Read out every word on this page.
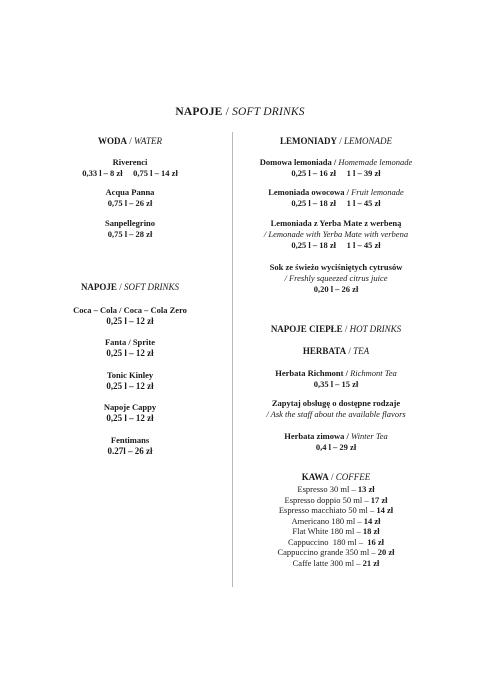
NAPOJE / SOFT DRINKS
WODA / WATER
Riverenci
0,33 l – 8 zł     0,75 l – 14 zł
Acqua Panna
0,75 l – 26 zł
Sanpellegrino
0,75 l – 28 zł
NAPOJE / SOFT DRINKS
Coca – Cola / Coca – Cola Zero
0,25 l – 12 zł
Fanta / Sprite
0,25 l – 12 zł
Tonic Kinley
0,25 l – 12 zł
Napoje Cappy
0,25 l – 12 zł
Fentimans
0.27l – 26 zł
LEMONIADY / LEMONADE
Domowa lemoniada / Homemade lemonade
0,25 l – 16 zł     1 l – 39 zł
Lemoniada owocowa / Fruit lemonade
0,25 l – 18 zł     1 l – 45 zł
Lemoniada z Yerba Mate z werbeną
/ Lemonade with Yerba Mate with verbena
0,25 l – 18 zł     1 l – 45 zł
Sok ze świeżo wyciśniętych cytrusów
/ Freshly squeezed citrus juice
0,20 l – 26 zł
NAPOJE CIEPŁE / HOT DRINKS
HERBATA / TEA
Herbata Richmont / Richmont Tea
0,35 l – 15 zł
Zapytaj obsługę o dostępne rodzaje
/ Ask the staff about the available flavors
Herbata zimowa / Winter Tea
0,4 l – 29 zł
KAWA / COFFEE
Espresso 30 ml – 13 zł
Espresso doppio 50 ml – 17 zł
Espresso macchiato 50 ml – 14 zł
Americano 180 ml – 14 zł
Flat White 180 ml – 18 zł
Cappuccino  180 ml –  16 zł
Cappuccino grande 350 ml – 20 zł
Caffe latte 300 ml – 21 zł
